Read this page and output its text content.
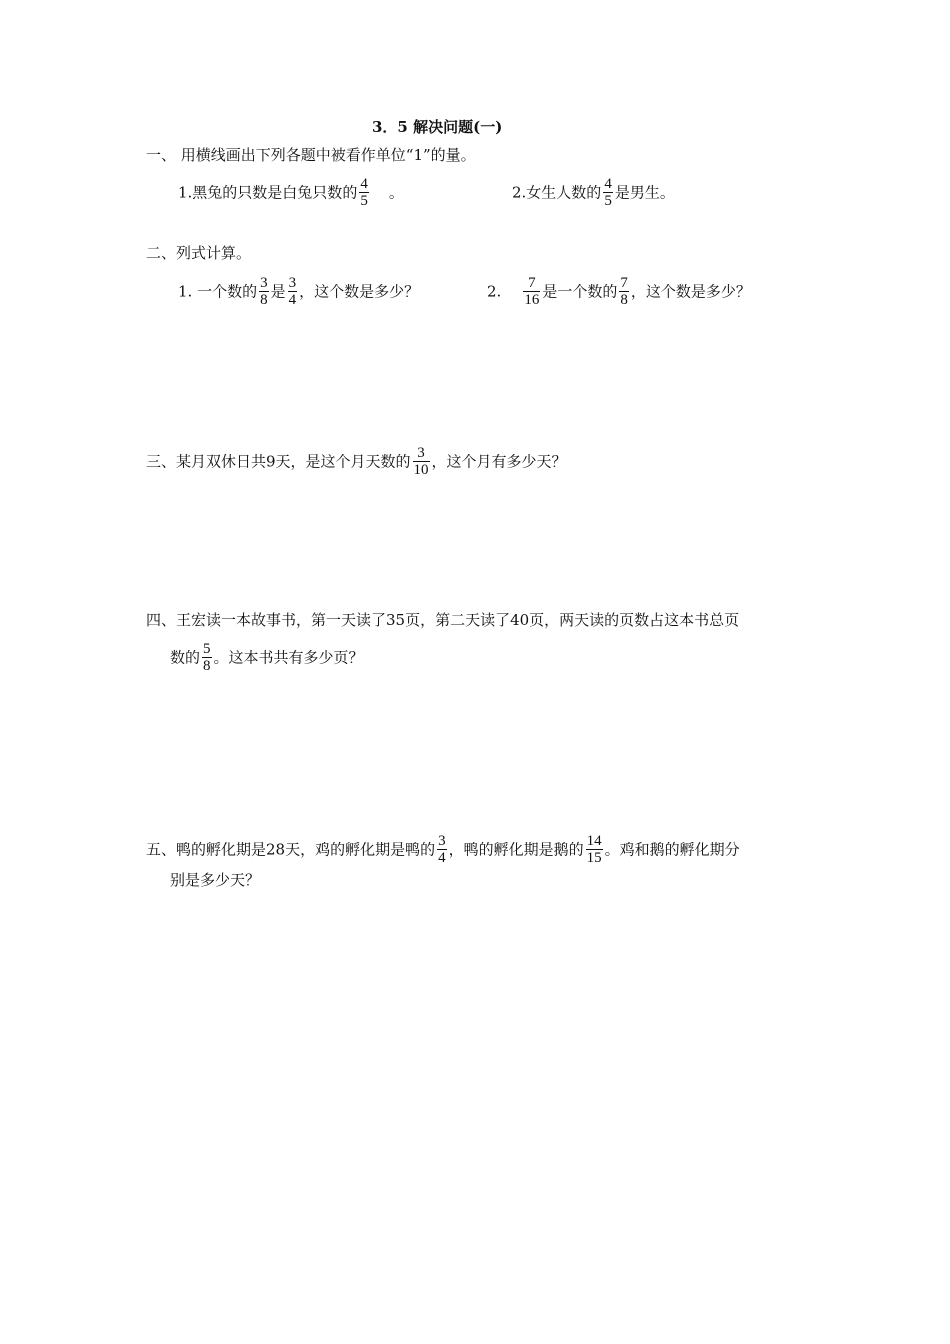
3．5 解决问题(一)
一、 用横线画出下列各题中被看作单位“1”的量。
1.黑兔的只数是白兔只数的 $\frac{4}{5}$ 。	2.女生人数的 $\frac{4}{5}$ 是男生。
二、列式计算。
1. 一个数的 $\frac{3}{8}$ 是 $\frac{3}{4}$ ，这个数是多少？	2. $\frac{7}{16}$ 是一个数的 $\frac{7}{8}$ ，这个数是多少？
三、某月双休日共9天，是这个月天数的 $\frac{3}{10}$ ，这个月有多少天？
四、王宏读一本故事书，第一天读了35页，第二天读了40页，两天读的页数占这本书总页
数的 $\frac{5}{8}$ 。这本书共有多少页？
五、鸭的孵化期是28天，鸡的孵化期是鸭的 $\frac{3}{4}$ ，鸭的孵化期是鹅的 $\frac{14}{15}$ 。鸡和鹅的孵化期分
别是多少天？
